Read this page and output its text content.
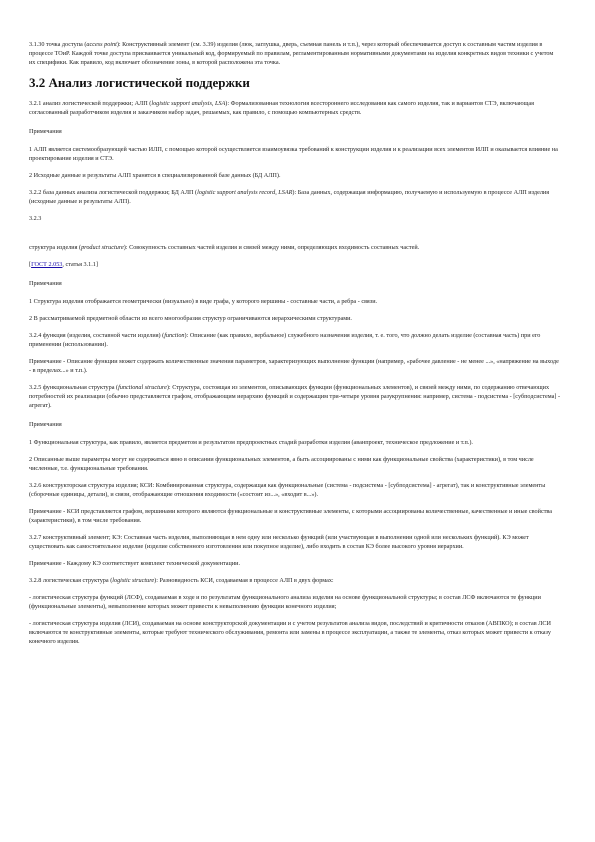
3.1.30 точка доступа (access point): Конструктивный элемент (см. 3.39) изделия (люк, заглушка, дверь, съемная панель и т.п.), через который обеспечивается доступ к составным частям изделия в процессе ТОиР. Каждой точке доступа присваивается уникальный код, формируемый по правилам, регламентированным нормативными документами на изделия конкретных видов техники с учетом их специфики. Как правило, код включает обозначение зоны, в которой расположена эта точка.

3.2 Анализ логистической поддержки

3.2.1 анализ логистической поддержки; АЛП (logistic support analysis, LSA): Формализованная технология всестороннего исследования как самого изделия, так и вариантов СТЭ, включающая согласованный разработчиком изделия и заказчиком набор задач, решаемых, как правило, с помощью компьютерных средств.

Примечания

1 АЛП является системообразующей частью ИЛП, с помощью которой осуществляется взаимоувязка требований к конструкции изделия и к реализации всех элементов ИЛП и оказывается влияние на проектирование изделия и СТЭ.

2 Исходные данные и результаты АЛП хранятся в специализированной базе данных (БД АЛП).

3.2.2 база данных анализа логистической поддержки; БД АЛП (logistic support analysis record, LSAR): База данных, содержащая информацию, получаемую и используемую в процессе АЛП изделия (исходные данные и результаты АЛП).

3.2.3

структура изделия (product structure): Совокупность составных частей изделия и связей между ними, определяющих входимость составных частей.

[ГОСТ 2.053, статья 3.1.1]

Примечания

1 Структура изделия отображается геометрически (визуально) в виде графа, у которого вершины - составные части, а ребра - связи.

2 В рассматриваемой предметной области из всего многообразия структур ограничиваются иерархическими структурами.

3.2.4 функция (изделия, составной части изделия) (function): Описание (как правило, вербальное) служебного назначения изделия, т. е. того, что должно делать изделие (составная часть) при его применении (использовании).

Примечание - Описание функции может содержать количественные значения параметров, характеризующих выполнение функции (например, «рабочее давление - не менее ...», «напряжение на выходе - в пределах...» и т.п.).

3.2.5 функциональная структура (functional structure): Структура, состоящая из элементов, описывающих функции (функциональных элементов), и связей между ними, по содержанию отвечающих потребностей их реализации (обычно представляется графом, отображающим иерархию функций и содержащим три-четыре уровня разукрупнения: например, система - подсистема - [субподсистема] - агрегат).

Примечания

1 Функциональная структура, как правило, является предметом и результатом предпроектных стадий разработки изделия (аванпроект, техническое предложение и т.п.).

2 Описанные выше параметры могут не содержаться явно в описании функциональных элементов, а быть ассоциированы с ними как функциональные свойства (характеристики), в том числе численные, т.е. функциональные требования.

3.2.6 конструкторская структура изделия; КСИ: Комбинированная структура, содержащая как функциональные (система - подсистема - [субподсистема] - агрегат), так и конструктивные элементы (сборочные единицы, детали), и связи, отображающие отношения входимости («состоит из...», «входит в...»).

Примечание - КСИ представляется графом, вершинами которого являются функциональные и конструктивные элементы, с которыми ассоциированы количественные, качественные и иные свойства (характеристики), в том числе требования.

3.2.7 конструктивный элемент; КЭ: Составная часть изделия, выполняющая в нем одну или несколько функций (или участвующая в выполнении одной или нескольких функций). КЭ может существовать как самостоятельное изделие (изделие собственного изготовления или покупное изделие), либо входить в состав КЭ более высокого уровня иерархии.

Примечание - Каждому КЭ соответствует комплект технической документации.

3.2.8 логистическая структура (logistic structure): Разновидность КСИ, создаваемая в процессе АЛП в двух формах:

- логистическая структура функций (ЛСФ), создаваемая в ходе и по результатам функционального анализа изделия на основе функциональной структуры; в состав ЛСФ включаются те функции (функциональные элементы), невыполнение которых может привести к невыполнению функции конечного изделия;

- логистическая структура изделия (ЛСИ), создаваемая на основе конструкторской документации и с учетом результатов анализа видов, последствий и критичности отказов (АВПКО); в состав ЛСИ включаются те конструктивные элементы, которые требуют технического обслуживания, ремонта или замены в процессе эксплуатации, а также те элементы, отказ которых может привести к отказу конечного изделия.
